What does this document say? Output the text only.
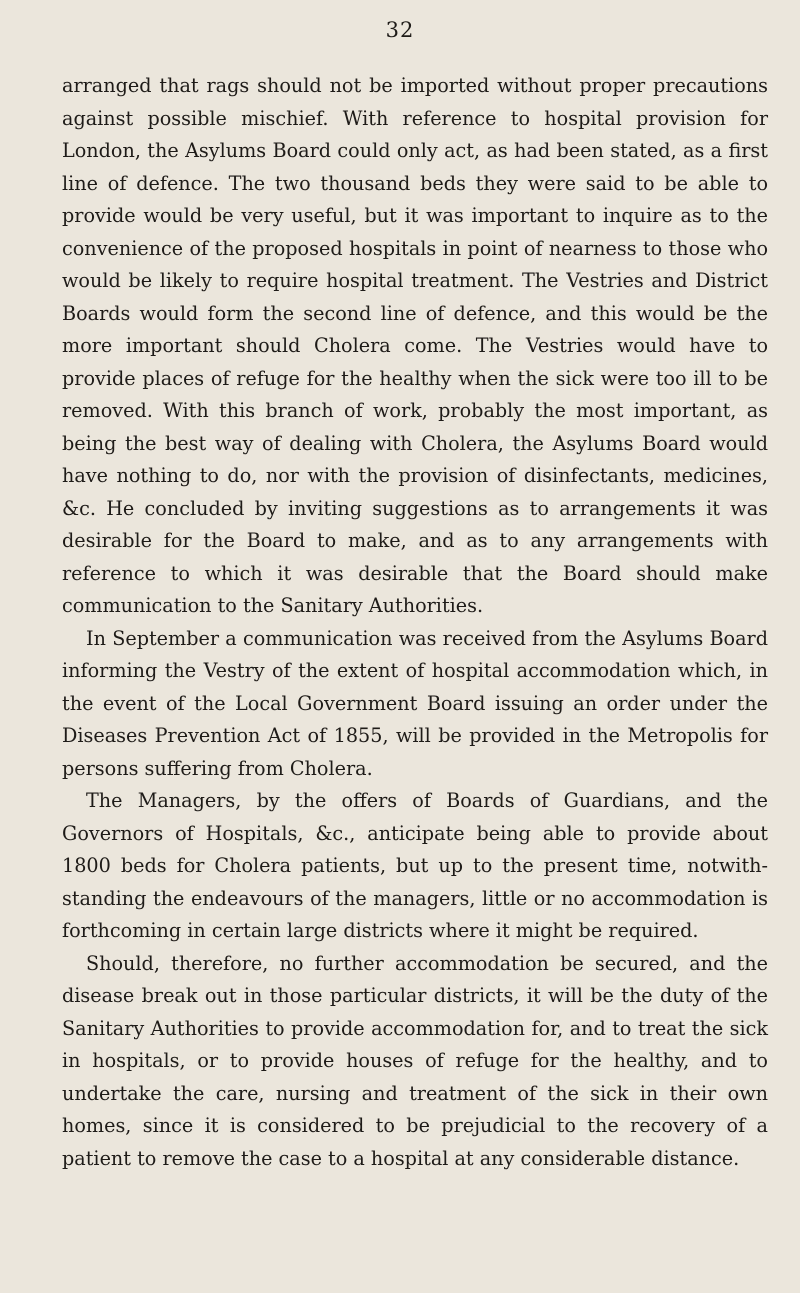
32

arranged that rags should not be imported without proper precautions against possible mischief. With reference to hospital provision for London, the Asylums Board could only act, as had been stated, as a first line of defence. The two thousand beds they were said to be able to provide would be very useful, but it was important to inquire as to the convenience of the proposed hospitals in point of nearness to those who would be likely to require hospital treatment. The Vestries and District Boards would form the second line of defence, and this would be the more important should Cholera come. The Vestries would have to provide places of refuge for the healthy when the sick were too ill to be removed. With this branch of work, probably the most important, as being the best way of dealing with Cholera, the Asylums Board would have nothing to do, nor with the provision of disinfectants, medicines, &c. He concluded by inviting suggestions as to arrangements it was desirable for the Board to make, and as to any arrangements with reference to which it was desirable that the Board should make communication to the Sanitary Authorities.

In September a communication was received from the Asylums Board informing the Vestry of the extent of hospital accommodation which, in the event of the Local Government Board issuing an order under the Diseases Prevention Act of 1855, will be provided in the Metropolis for persons suffering from Cholera.

The Managers, by the offers of Boards of Guardians, and the Governors of Hospitals, &c., anticipate being able to provide about 1800 beds for Cholera patients, but up to the present time, notwith-standing the endeavours of the managers, little or no accommodation is forthcoming in certain large districts where it might be required.

Should, therefore, no further accommodation be secured, and the disease break out in those particular districts, it will be the duty of the Sanitary Authorities to provide accommodation for, and to treat the sick in hospitals, or to provide houses of refuge for the healthy, and to undertake the care, nursing and treatment of the sick in their own homes, since it is considered to be prejudicial to the recovery of a patient to remove the case to a hospital at any considerable distance.
